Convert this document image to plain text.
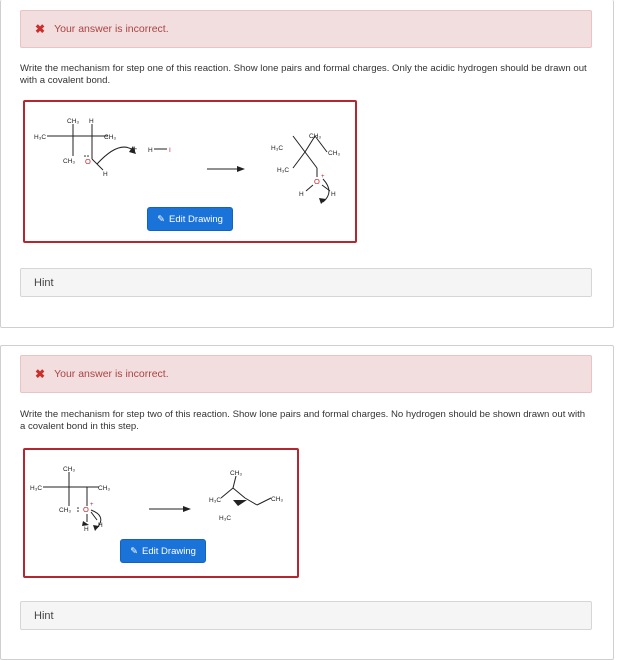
✖ Your answer is incorrect.
Write the mechanism for step one of this reaction. Show lone pairs and formal charges. Only the acidic hydrogen should be drawn out with a covalent bond.
CH₃ H
H₃C	CH₃
CH₃ O
H
+ H	I
CH₃
H₃C
CH₃
H₃C
O +
H	H
✎ Edit Drawing
Hint
✖ Your answer is incorrect.
Write the mechanism for step two of this reaction. Show lone pairs and formal charges. No hydrogen should be shown drawn out with a covalent bond in this step.
CH₃
H₃C	CH₃
CH₃ O +
H
H
CH₃
H₃C	CH₃
H₃C
✎ Edit Drawing
Hint
